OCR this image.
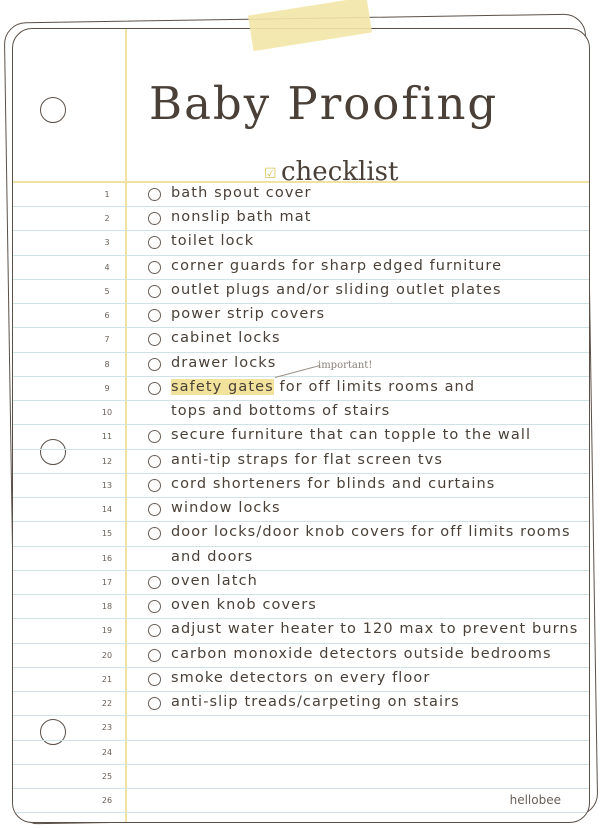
Baby Proofing
☑ checklist
1	bath spout cover
2	nonslip bath mat
3	toilet lock
4	corner guards for sharp edged furniture
5	outlet plugs and/or sliding outlet plates
6	power strip covers
7	cabinet locks
8	drawer locks
9	safety gates for off limits rooms and
10	tops and bottoms of stairs
11	secure furniture that can topple to the wall
12	anti-tip straps for flat screen tvs
13	cord shorteners for blinds and curtains
14	window locks
15	door locks/door knob covers for off limits rooms
16	and doors
17	oven latch
18	oven knob covers
19	adjust water heater to 120 max to prevent burns
20	carbon monoxide detectors outside bedrooms
21	smoke detectors on every floor
22	anti-slip treads/carpeting on stairs
23
24
25
26
important!
hellobee
